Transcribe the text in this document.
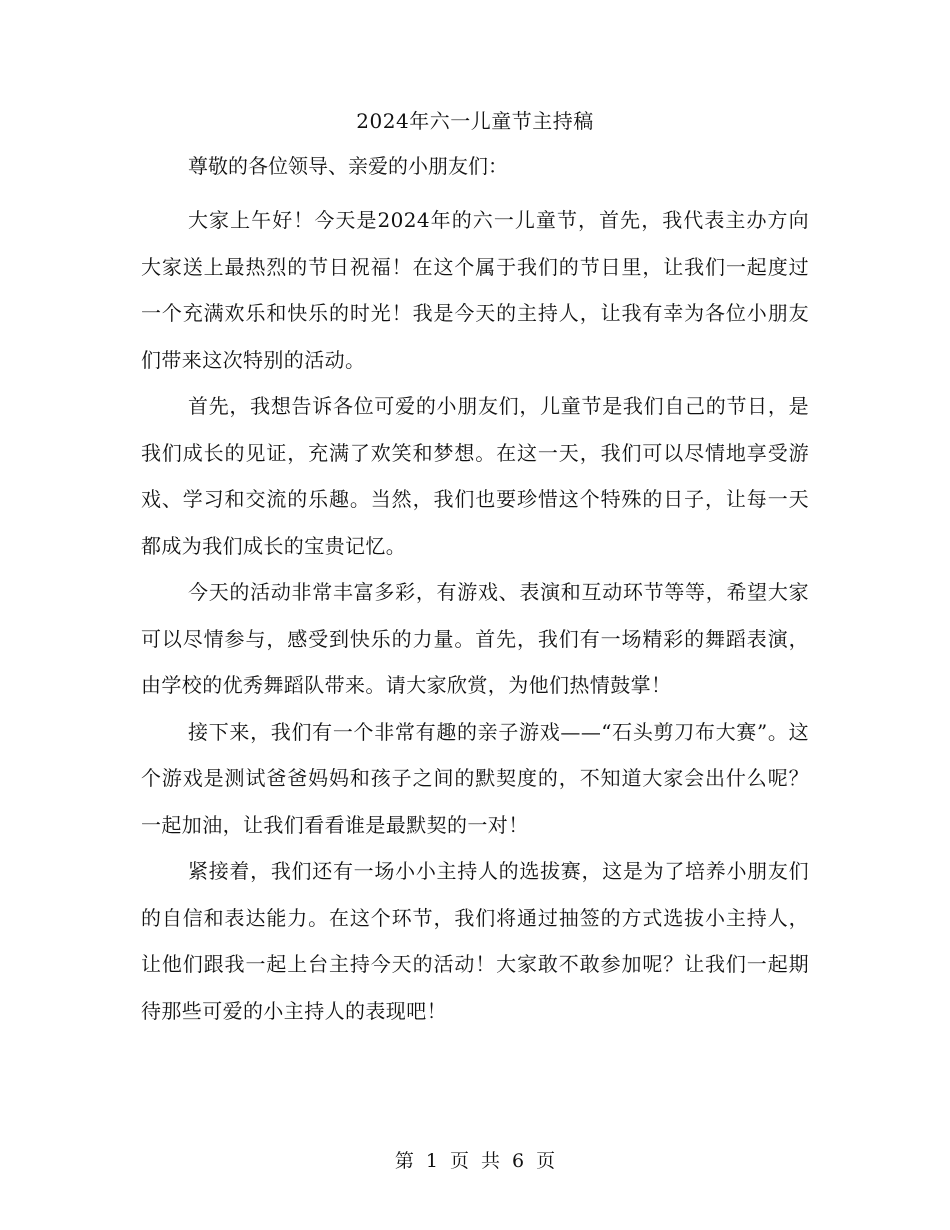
2024年六一儿童节主持稿
尊敬的各位领导、亲爱的小朋友们：

大家上午好！今天是2024年的六一儿童节，首先，我代表主办方向大家送上最热烈的节日祝福！在这个属于我们的节日里，让我们一起度过一个充满欢乐和快乐的时光！我是今天的主持人，让我有幸为各位小朋友们带来这次特别的活动。

首先，我想告诉各位可爱的小朋友们，儿童节是我们自己的节日，是我们成长的见证，充满了欢笑和梦想。在这一天，我们可以尽情地享受游戏、学习和交流的乐趣。当然，我们也要珍惜这个特殊的日子，让每一天都成为我们成长的宝贵记忆。

今天的活动非常丰富多彩，有游戏、表演和互动环节等等，希望大家可以尽情参与，感受到快乐的力量。首先，我们有一场精彩的舞蹈表演，由学校的优秀舞蹈队带来。请大家欣赏，为他们热情鼓掌！

接下来，我们有一个非常有趣的亲子游戏——“石头剪刀布大赛”。这个游戏是测试爸爸妈妈和孩子之间的默契度的，不知道大家会出什么呢？一起加油，让我们看看谁是最默契的一对！

紧接着，我们还有一场小小主持人的选拔赛，这是为了培养小朋友们的自信和表达能力。在这个环节，我们将通过抽签的方式选拔小主持人，让他们跟我一起上台主持今天的活动！大家敢不敢参加呢？让我们一起期待那些可爱的小主持人的表现吧！

第 1 页 共 6 页
